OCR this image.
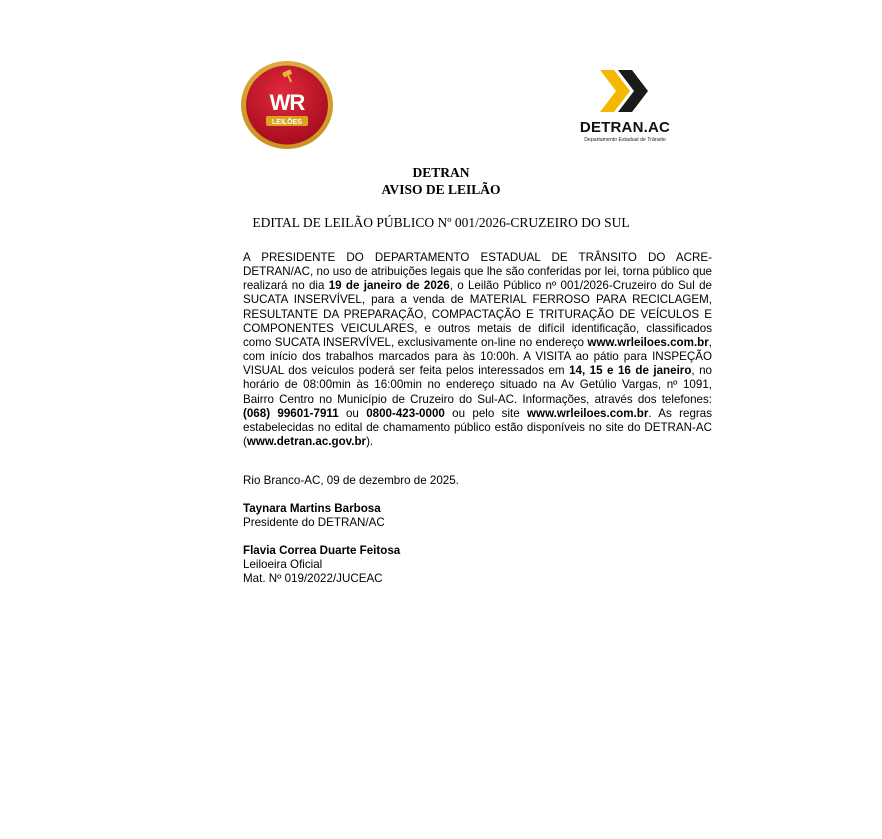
WR
LEILÕES	DETRAN.AC
Departamento Estadual de Trânsito
DETRAN
AVISO DE LEILÃO
EDITAL DE LEILÃO PÚBLICO Nº 001/2026-CRUZEIRO DO SUL
A PRESIDENTE DO DEPARTAMENTO ESTADUAL DE TRÂNSITO DO ACRE-DETRAN/AC, no uso de atribuições legais que lhe são conferidas por lei, torna público que realizará no dia 19 de janeiro de 2026, o Leilão Público nº 001/2026-Cruzeiro do Sul de SUCATA INSERVÍVEL, para a venda de MATERIAL FERROSO PARA RECICLAGEM, RESULTANTE DA PREPARAÇÃO, COMPACTAÇÃO E TRITURAÇÃO DE VEÍCULOS E COMPONENTES VEICULARES, e outros metais de difícil identificação, classificados como SUCATA INSERVÍVEL, exclusivamente on-line no endereço www.wrleiloes.com.br, com início dos trabalhos marcados para às 10:00h. A VISITA ao pátio para INSPEÇÃO VISUAL dos veículos poderá ser feita pelos interessados em 14, 15 e 16 de janeiro, no horário de 08:00min às 16:00min no endereço situado na Av Getúlio Vargas, nº 1091, Bairro Centro no Município de Cruzeiro do Sul-AC. Informações, através dos telefones: (068) 99601-7911 ou 0800-423-0000 ou pelo site www.wrleiloes.com.br. As regras estabelecidas no edital de chamamento público estão disponíveis no site do DETRAN-AC (www.detran.ac.gov.br).
Rio Branco-AC, 09 de dezembro de 2025.
Taynara Martins Barbosa
Presidente do DETRAN/AC
Flavia Correa Duarte Feitosa
Leiloeira Oficial
Mat. Nº 019/2022/JUCEAC
